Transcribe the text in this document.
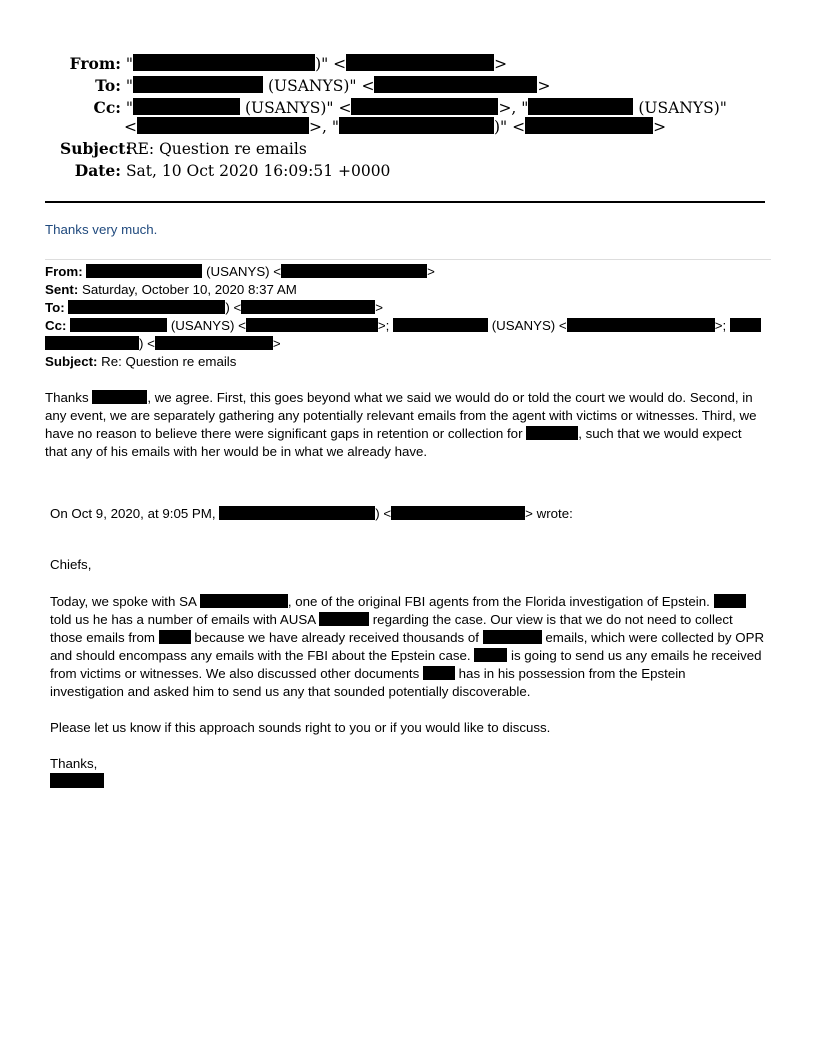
From: "	)" <	>
To: "	(USANYS)" <	>
Cc: "	(USANYS)" <	>, "	(USANYS)"
<	>, "	)" <	>
Subject: RE: Question re emails
Date: Sat, 10 Oct 2020 16:09:51 +0000
Thanks very much.
From:	(USANYS) <	>
Sent: Saturday, October 10, 2020 8:37 AM
To:	) <	>
Cc:	(USANYS) <	>;	(USANYS) <	>;
) <	>
Subject: Re: Question re emails
Thanks	, we agree. First, this goes beyond what we said we would do or told the court we would do. Second, in
any event, we are separately gathering any potentially relevant emails from the agent with victims or witnesses. Third, we
have no reason to believe there were significant gaps in retention or collection for	, such that we would expect
that any of his emails with her would be in what we already have.
On Oct 9, 2020, at 9:05 PM,	) <	> wrote:
Chiefs,
Today, we spoke with SA	, one of the original FBI agents from the Florida investigation of Epstein.
told us he has a number of emails with AUSA	regarding the case. Our view is that we do not need to collect
those emails from	because we have already received thousands of	emails, which were collected by OPR
and should encompass any emails with the FBI about the Epstein case.	is going to send us any emails he received
from victims or witnesses. We also discussed other documents	has in his possession from the Epstein
investigation and asked him to send us any that sounded potentially discoverable.
Please let us know if this approach sounds right to you or if you would like to discuss.
Thanks,
